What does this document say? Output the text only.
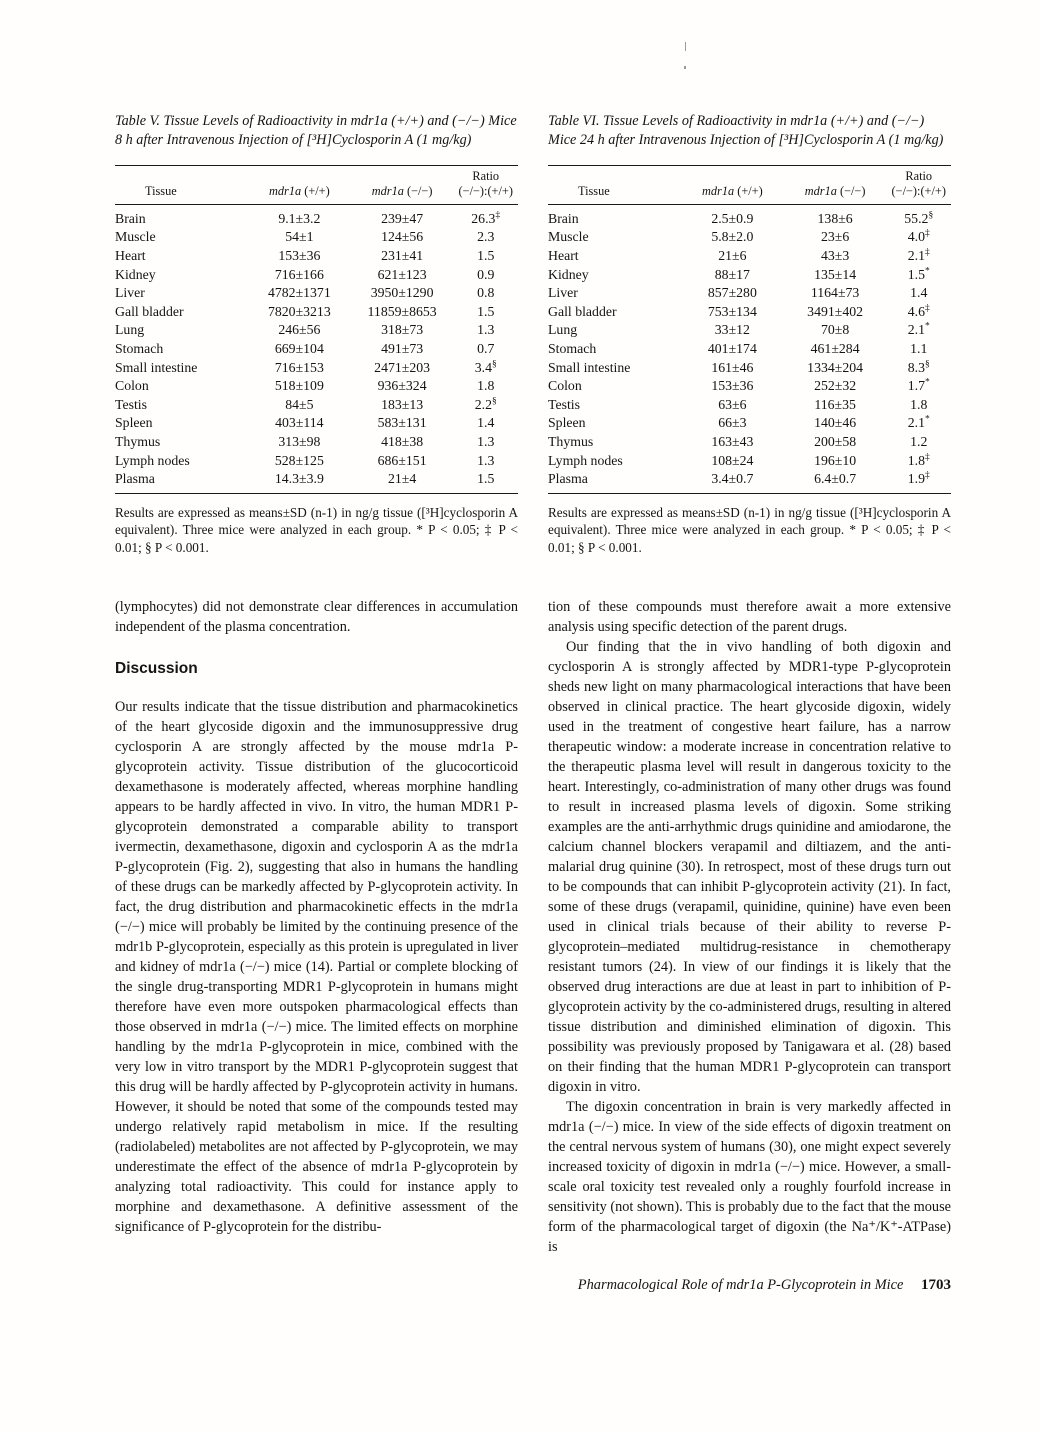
Table V. Tissue Levels of Radioactivity in mdr1a (+/+) and (−/−) Mice 8 h after Intravenous Injection of [³H]Cyclosporin A (1 mg/kg)

Tissue	mdr1a (+/+)	mdr1a (−/−)	Ratio
(−/−):(+/+)

Brain	9.1±3.2	239±47	26.3‡
Muscle	54±1	124±56	2.3
Heart	153±36	231±41	1.5
Kidney	716±166	621±123	0.9
Liver	4782±1371	3950±1290	0.8
Gall bladder	7820±3213	11859±8653	1.5
Lung	246±56	318±73	1.3
Stomach	669±104	491±73	0.7
Small intestine	716±153	2471±203	3.4§
Colon	518±109	936±324	1.8
Testis	84±5	183±13	2.2§
Spleen	403±114	583±131	1.4
Thymus	313±98	418±38	1.3
Lymph nodes	528±125	686±151	1.3
Plasma	14.3±3.9	21±4	1.5

Results are expressed as means±SD (n-1) in ng/g tissue ([³H]cyclosporin A equivalent). Three mice were analyzed in each group. * P < 0.05; ‡ P < 0.01; § P < 0.001.

Table VI. Tissue Levels of Radioactivity in mdr1a (+/+) and (−/−) Mice 24 h after Intravenous Injection of [³H]Cyclosporin A (1 mg/kg)

Tissue	mdr1a (+/+)	mdr1a (−/−)	Ratio
(−/−):(+/+)

Brain	2.5±0.9	138±6	55.2§
Muscle	5.8±2.0	23±6	4.0‡
Heart	21±6	43±3	2.1‡
Kidney	88±17	135±14	1.5*
Liver	857±280	1164±73	1.4
Gall bladder	753±134	3491±402	4.6‡
Lung	33±12	70±8	2.1*
Stomach	401±174	461±284	1.1
Small intestine	161±46	1334±204	8.3§
Colon	153±36	252±32	1.7*
Testis	63±6	116±35	1.8
Spleen	66±3	140±46	2.1*
Thymus	163±43	200±58	1.2
Lymph nodes	108±24	196±10	1.8‡
Plasma	3.4±0.7	6.4±0.7	1.9‡

Results are expressed as means±SD (n-1) in ng/g tissue ([³H]cyclosporin A equivalent). Three mice were analyzed in each group. * P < 0.05; ‡ P < 0.01; § P < 0.001.

(lymphocytes) did not demonstrate clear differences in accumulation independent of the plasma concentration.

Discussion

Our results indicate that the tissue distribution and pharmacokinetics of the heart glycoside digoxin and the immunosuppressive drug cyclosporin A are strongly affected by the mouse mdr1a P-glycoprotein activity. Tissue distribution of the glucocorticoid dexamethasone is moderately affected, whereas morphine handling appears to be hardly affected in vivo. In vitro, the human MDR1 P-glycoprotein demonstrated a comparable ability to transport ivermectin, dexamethasone, digoxin and cyclosporin A as the mdr1a P-glycoprotein (Fig. 2), suggesting that also in humans the handling of these drugs can be markedly affected by P-glycoprotein activity. In fact, the drug distribution and pharmacokinetic effects in the mdr1a (−/−) mice will probably be limited by the continuing presence of the mdr1b P-glycoprotein, especially as this protein is upregulated in liver and kidney of mdr1a (−/−) mice (14). Partial or complete blocking of the single drug-transporting MDR1 P-glycoprotein in humans might therefore have even more outspoken pharmacological effects than those observed in mdr1a (−/−) mice. The limited effects on morphine handling by the mdr1a P-glycoprotein in mice, combined with the very low in vitro transport by the MDR1 P-glycoprotein suggest that this drug will be hardly affected by P-glycoprotein activity in humans. However, it should be noted that some of the compounds tested may undergo relatively rapid metabolism in mice. If the resulting (radiolabeled) metabolites are not affected by P-glycoprotein, we may underestimate the effect of the absence of mdr1a P-glycoprotein by analyzing total radioactivity. This could for instance apply to morphine and dexamethasone. A definitive assessment of the significance of P-glycoprotein for the distribu-

tion of these compounds must therefore await a more extensive analysis using specific detection of the parent drugs.

Our finding that the in vivo handling of both digoxin and cyclosporin A is strongly affected by MDR1-type P-glycoprotein sheds new light on many pharmacological interactions that have been observed in clinical practice. The heart glycoside digoxin, widely used in the treatment of congestive heart failure, has a narrow therapeutic window: a moderate increase in concentration relative to the therapeutic plasma level will result in dangerous toxicity to the heart. Interestingly, co-administration of many other drugs was found to result in increased plasma levels of digoxin. Some striking examples are the anti-arrhythmic drugs quinidine and amiodarone, the calcium channel blockers verapamil and diltiazem, and the anti-malarial drug quinine (30). In retrospect, most of these drugs turn out to be compounds that can inhibit P-glycoprotein activity (21). In fact, some of these drugs (verapamil, quinidine, quinine) have even been used in clinical trials because of their ability to reverse P-glycoprotein–mediated multidrug-resistance in chemotherapy resistant tumors (24). In view of our findings it is likely that the observed drug interactions are due at least in part to inhibition of P-glycoprotein activity by the co-administered drugs, resulting in altered tissue distribution and diminished elimination of digoxin. This possibility was previously proposed by Tanigawara et al. (28) based on their finding that the human MDR1 P-glycoprotein can transport digoxin in vitro.

The digoxin concentration in brain is very markedly affected in mdr1a (−/−) mice. In view of the side effects of digoxin treatment on the central nervous system of humans (30), one might expect severely increased toxicity of digoxin in mdr1a (−/−) mice. However, a small-scale oral toxicity test revealed only a roughly fourfold increase in sensitivity (not shown). This is probably due to the fact that the mouse form of the pharmacological target of digoxin (the Na⁺/K⁺-ATPase) is

Pharmacological Role of mdr1a P-Glycoprotein in Mice 1703
